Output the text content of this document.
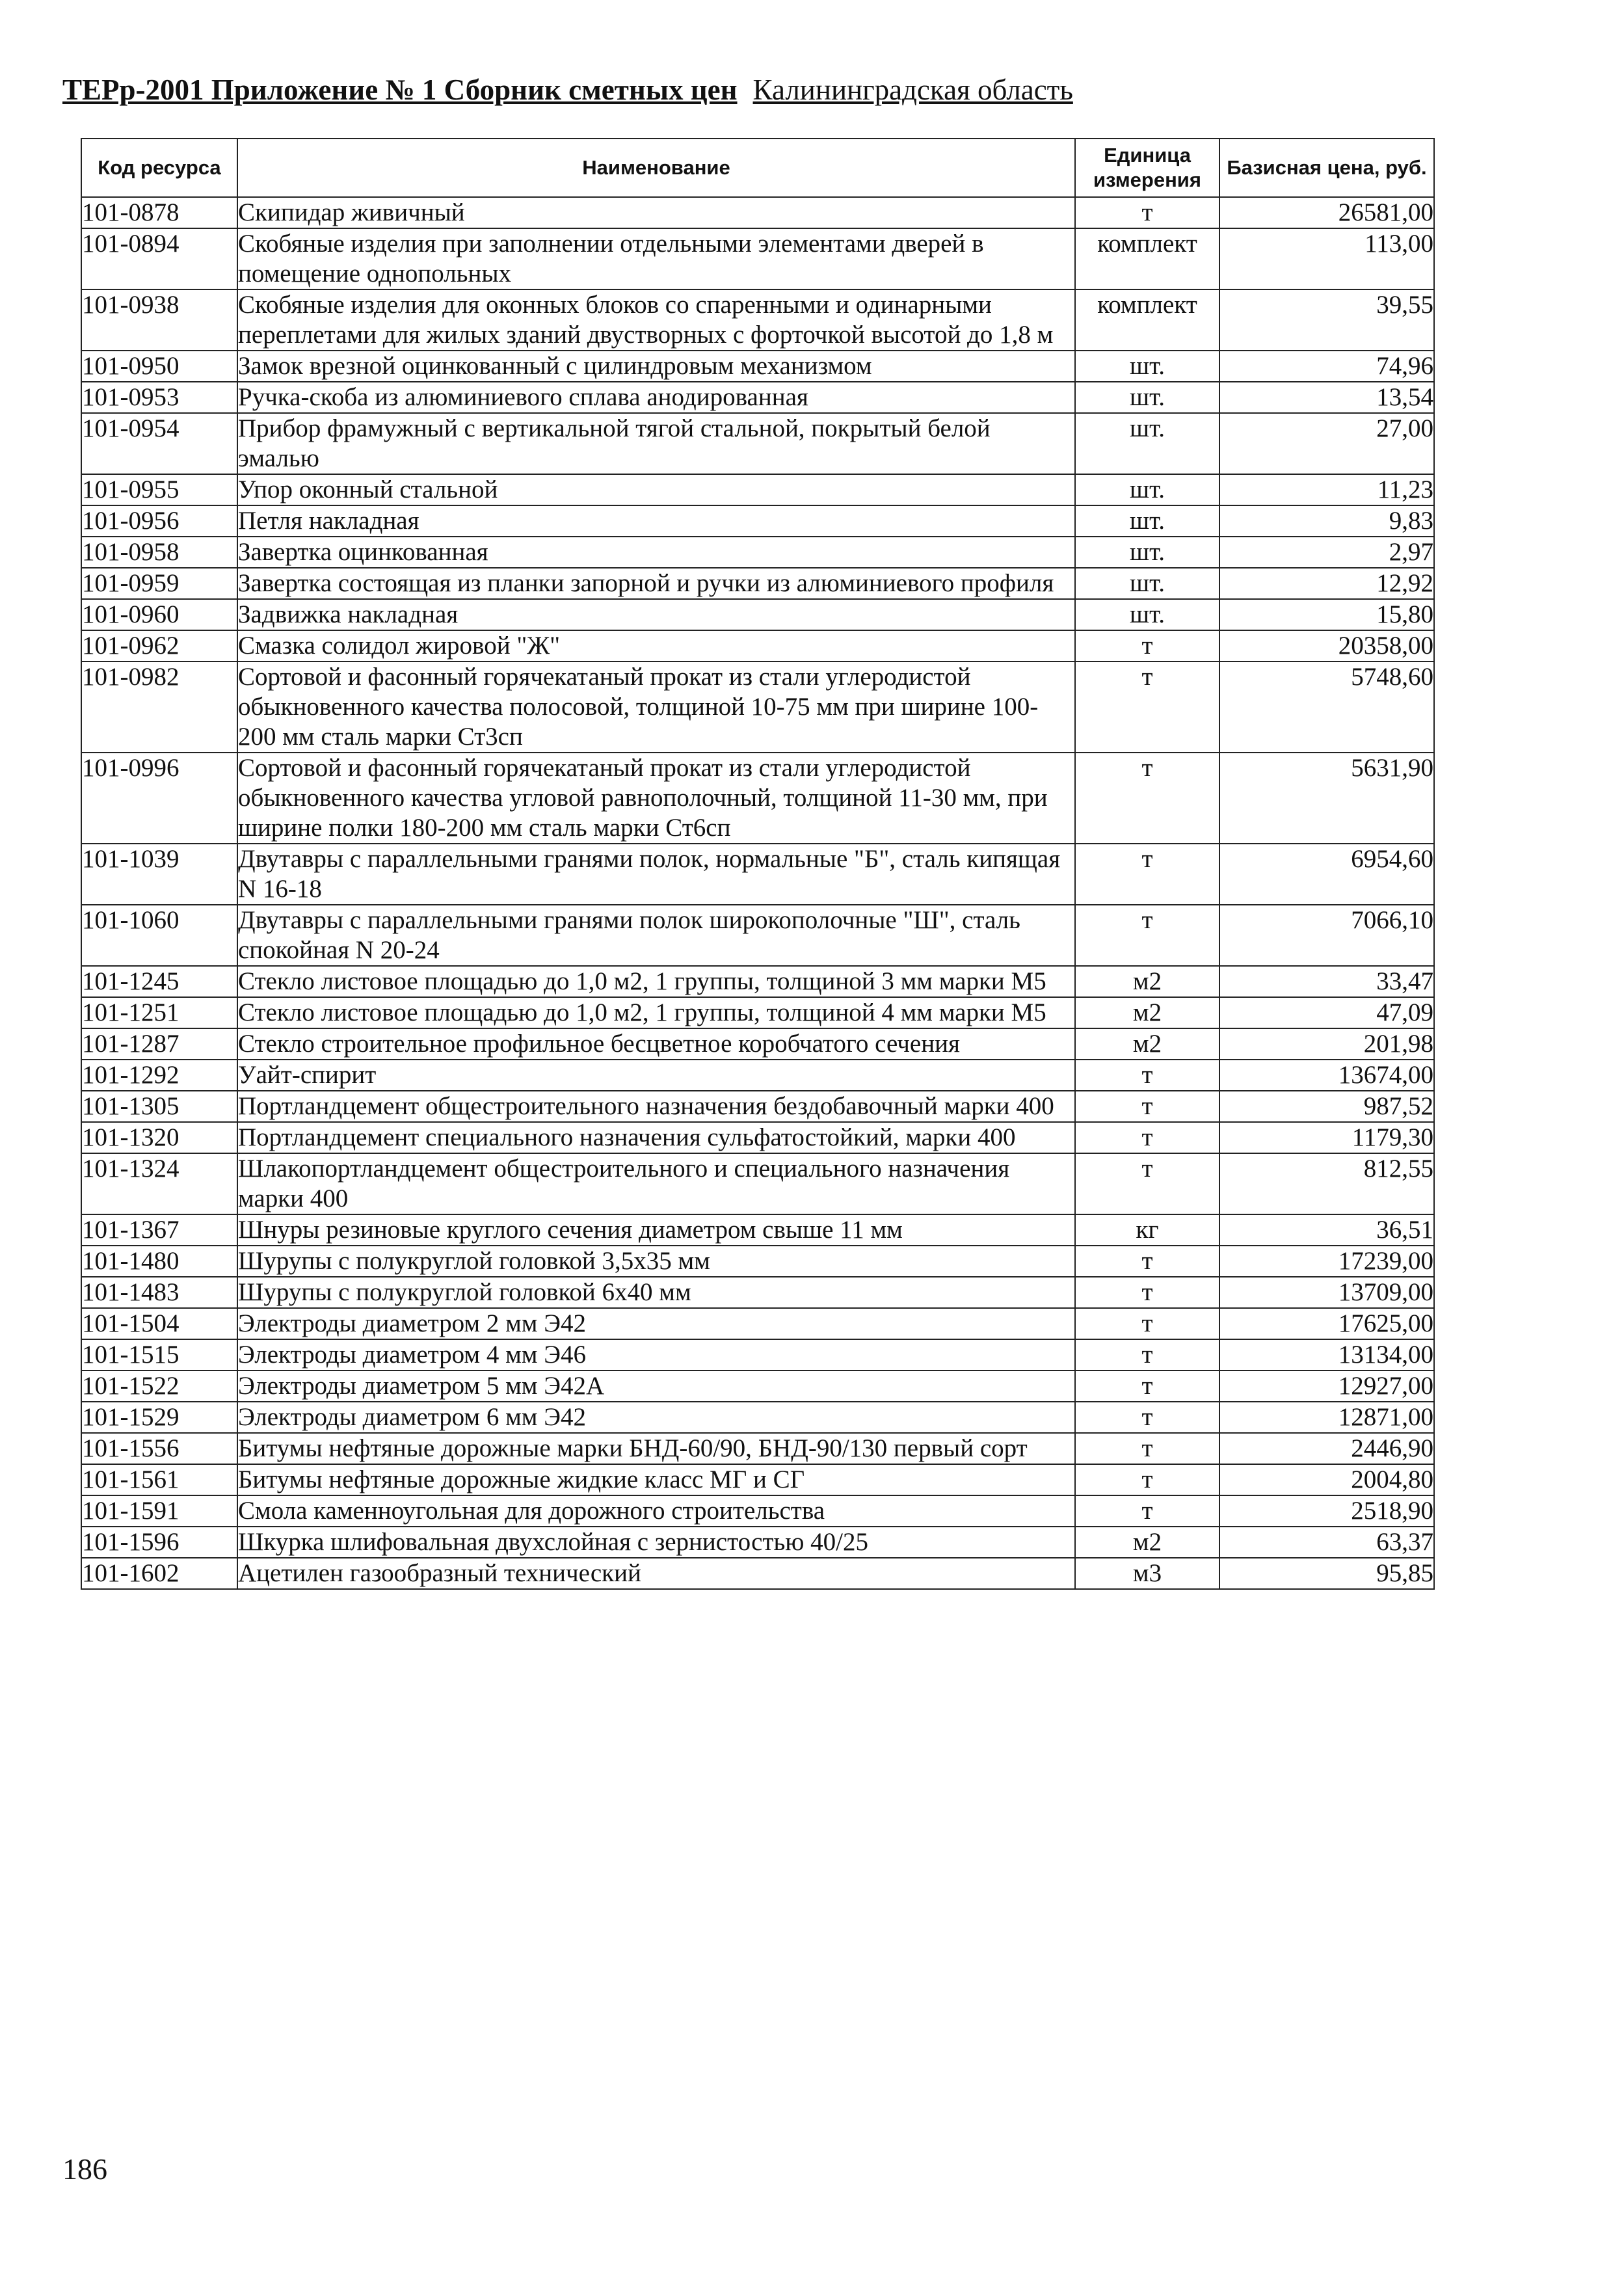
ТЕРр-2001 Приложение № 1 Сборник сметных цен Калининградская область
Код ресурса	Наименование	Единица измерения	Базисная цена, руб.
101-0878	Скипидар живичный	т	26581,00
101-0894	Скобяные изделия при заполнении отдельными элементами дверей в помещение однопольных	комплект	113,00
101-0938	Скобяные изделия для оконных блоков со спаренными и одинарными переплетами для жилых зданий двустворных с форточкой высотой до 1,8 м	комплект	39,55
101-0950	Замок врезной оцинкованный с цилиндровым механизмом	шт.	74,96
101-0953	Ручка-скоба из алюминиевого сплава анодированная	шт.	13,54
101-0954	Прибор фрамужный с вертикальной тягой стальной, покрытый белой эмалью	шт.	27,00
101-0955	Упор оконный стальной	шт.	11,23
101-0956	Петля накладная	шт.	9,83
101-0958	Завертка оцинкованная	шт.	2,97
101-0959	Завертка состоящая из планки запорной и ручки из алюминиевого профиля	шт.	12,92
101-0960	Задвижка накладная	шт.	15,80
101-0962	Смазка солидол жировой "Ж"	т	20358,00
101-0982	Сортовой и фасонный горячекатаный прокат из стали углеродистой обыкновенного качества полосовой, толщиной 10-75 мм при ширине 100-200 мм сталь марки Ст3сп	т	5748,60
101-0996	Сортовой и фасонный горячекатаный прокат из стали углеродистой обыкновенного качества угловой равнополочный, толщиной 11-30 мм, при ширине полки 180-200 мм сталь марки Ст6сп	т	5631,90
101-1039	Двутавры с параллельными гранями полок, нормальные "Б", сталь кипящая N 16-18	т	6954,60
101-1060	Двутавры с параллельными гранями полок широкополочные "Ш", сталь спокойная N 20-24	т	7066,10
101-1245	Стекло листовое площадью до 1,0 м2, 1 группы, толщиной 3 мм марки М5	м2	33,47
101-1251	Стекло листовое площадью до 1,0 м2, 1 группы, толщиной 4 мм марки М5	м2	47,09
101-1287	Стекло строительное профильное бесцветное коробчатого сечения	м2	201,98
101-1292	Уайт-спирит	т	13674,00
101-1305	Портландцемент общестроительного назначения бездобавочный марки 400	т	987,52
101-1320	Портландцемент специального назначения сульфатостойкий, марки 400	т	1179,30
101-1324	Шлакопортландцемент общестроительного и специального назначения марки 400	т	812,55
101-1367	Шнуры резиновые круглого сечения диаметром свыше 11 мм	кг	36,51
101-1480	Шурупы с полукруглой головкой 3,5х35 мм	т	17239,00
101-1483	Шурупы с полукруглой головкой 6х40 мм	т	13709,00
101-1504	Электроды диаметром 2 мм Э42	т	17625,00
101-1515	Электроды диаметром 4 мм Э46	т	13134,00
101-1522	Электроды диаметром 5 мм Э42А	т	12927,00
101-1529	Электроды диаметром 6 мм Э42	т	12871,00
101-1556	Битумы нефтяные дорожные марки БНД-60/90, БНД-90/130 первый сорт	т	2446,90
101-1561	Битумы нефтяные дорожные жидкие класс МГ и СГ	т	2004,80
101-1591	Смола каменноугольная для дорожного строительства	т	2518,90
101-1596	Шкурка шлифовальная двухслойная с зернистостью 40/25	м2	63,37
101-1602	Ацетилен газообразный технический	м3	95,85
186
